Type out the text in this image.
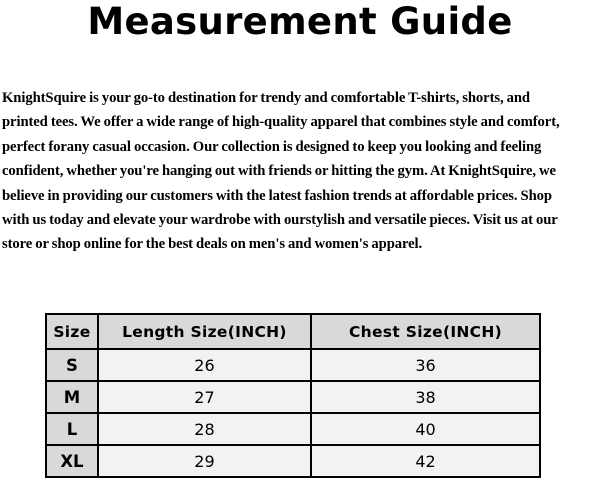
Measurement Guide

KnightSquire is your go-to destination for trendy and comfortable T-shirts, shorts, and printed tees. We offer a wide range of high-quality apparel that combines style and comfort, perfect forany casual occasion. Our collection is designed to keep you looking and feeling confident, whether you're hanging out with friends or hitting the gym. At KnightSquire, we believe in providing our customers with the latest fashion trends at affordable prices. Shop with us today and elevate your wardrobe with ourstylish and versatile pieces. Visit us at our store or shop online for the best deals on men's and women's apparel.

Size	Length Size(INCH)	Chest Size(INCH)
S	26	36
M	27	38
L	28	40
XL	29	42
